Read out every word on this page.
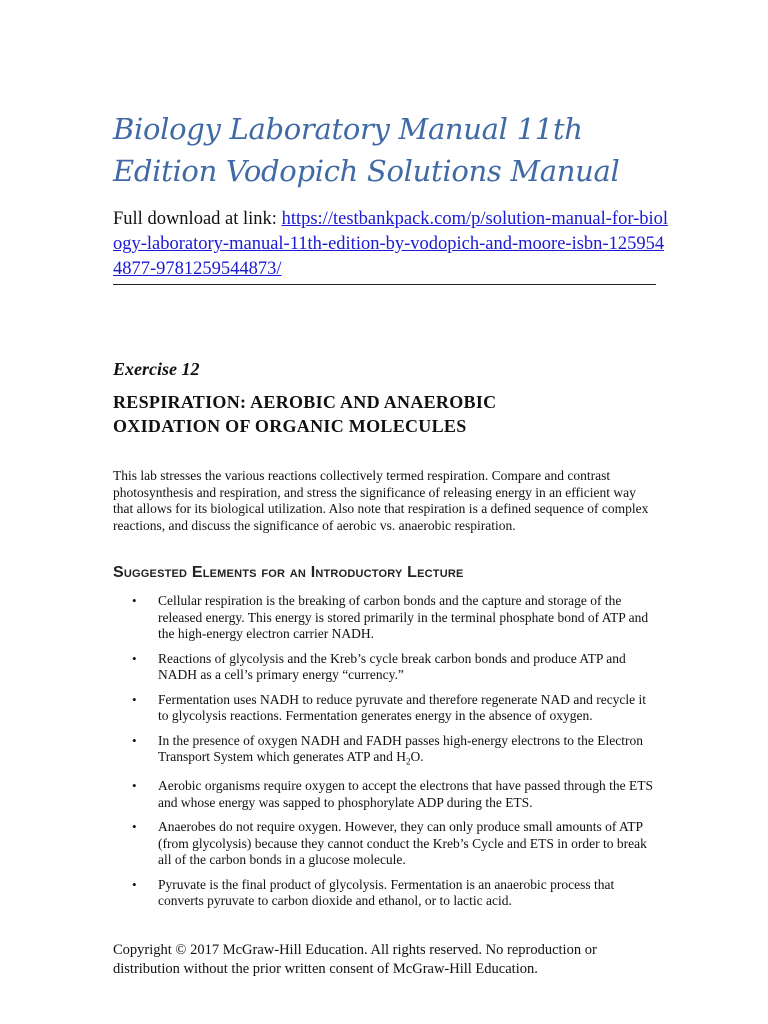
Biology Laboratory Manual 11th Edition Vodopich Solutions Manual
Full download at link: https://testbankpack.com/p/solution-manual-for-biology-laboratory-manual-11th-edition-by-vodopich-and-moore-isbn-1259544877-9781259544873/
Exercise 12
RESPIRATION: AEROBIC AND ANAEROBIC
OXIDATION OF ORGANIC MOLECULES

This lab stresses the various reactions collectively termed respiration. Compare and contrast photosynthesis and respiration, and stress the significance of releasing energy in an efficient way that allows for its biological utilization. Also note that respiration is a defined sequence of complex reactions, and discuss the significance of aerobic vs. anaerobic respiration.

Suggested Elements for an Introductory Lecture
• Cellular respiration is the breaking of carbon bonds and the capture and storage of the released energy. This energy is stored primarily in the terminal phosphate bond of ATP and the high-energy electron carrier NADH.
• Reactions of glycolysis and the Kreb’s cycle break carbon bonds and produce ATP and NADH as a cell’s primary energy “currency.”
• Fermentation uses NADH to reduce pyruvate and therefore regenerate NAD and recycle it to glycolysis reactions. Fermentation generates energy in the absence of oxygen.
• In the presence of oxygen NADH and FADH passes high-energy electrons to the Electron Transport System which generates ATP and $H_2O$.
• Aerobic organisms require oxygen to accept the electrons that have passed through the ETS and whose energy was sapped to phosphorylate ADP during the ETS.
• Anaerobes do not require oxygen. However, they can only produce small amounts of ATP (from glycolysis) because they cannot conduct the Kreb’s Cycle and ETS in order to break all of the carbon bonds in a glucose molecule.
• Pyruvate is the final product of glycolysis. Fermentation is an anaerobic process that converts pyruvate to carbon dioxide and ethanol, or to lactic acid.
Copyright © 2017 McGraw-Hill Education. All rights reserved. No reproduction or distribution without the prior written consent of McGraw-Hill Education.
